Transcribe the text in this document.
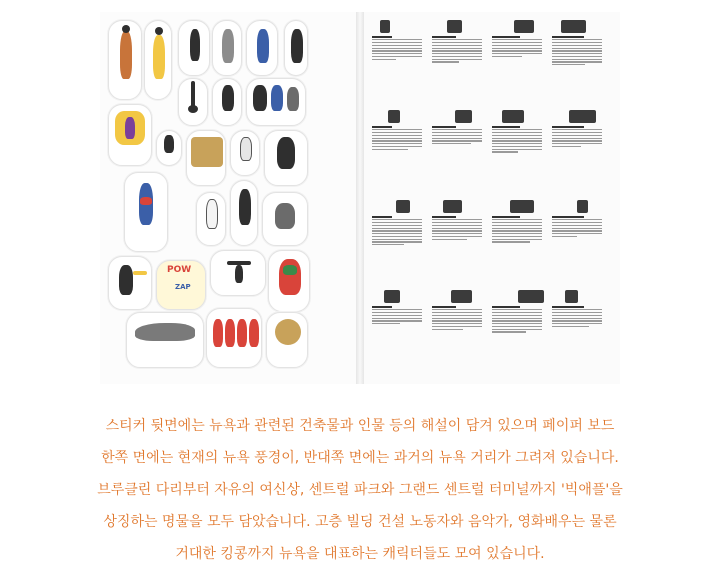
POW
ZAP

스티커 뒷면에는 뉴욕과 관련된 건축물과 인물 등의 해설이 담겨 있으며 페이퍼 보드

한쪽 면에는 현재의 뉴욕 풍경이, 반대쪽 면에는 과거의 뉴욕 거리가 그려져 있습니다.

브루클린 다리부터 자유의 여신상, 센트럴 파크와 그랜드 센트럴 터미널까지 '빅애플'을

상징하는 명물을 모두 담았습니다. 고층 빌딩 건설 노동자와 음악가, 영화배우는 물론

거대한 킹콩까지 뉴욕을 대표하는 캐릭터들도 모여 있습니다.
